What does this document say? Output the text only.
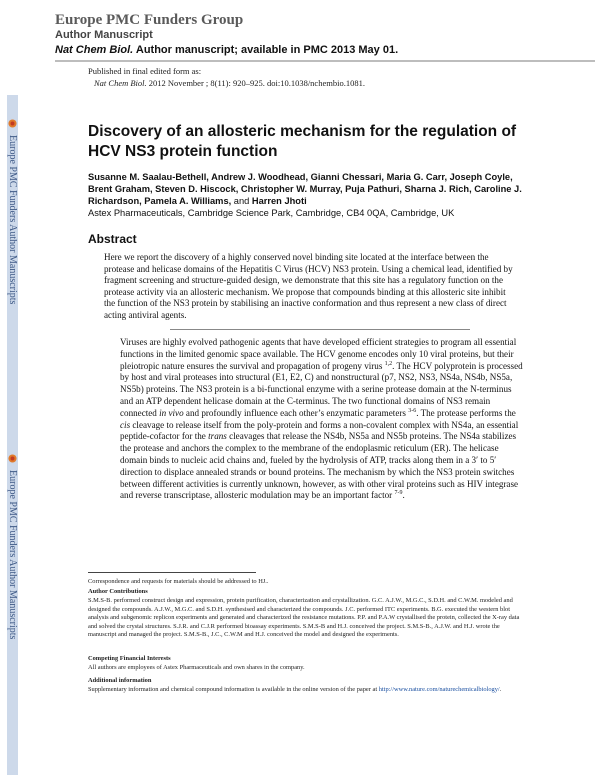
Europe PMC Funders Group
Author Manuscript
Nat Chem Biol. Author manuscript; available in PMC 2013 May 01.
Published in final edited form as:
Nat Chem Biol. 2012 November ; 8(11): 920–925. doi:10.1038/nchembio.1081.
Europe PMC Funders Author Manuscripts
Europe PMC Funders Author Manuscripts
Discovery of an allosteric mechanism for the regulation of HCV NS3 protein function
Susanne M. Saalau-Bethell, Andrew J. Woodhead, Gianni Chessari, Maria G. Carr, Joseph Coyle, Brent Graham, Steven D. Hiscock, Christopher W. Murray, Puja Pathuri, Sharna J. Rich, Caroline J. Richardson, Pamela A. Williams, and Harren Jhoti
Astex Pharmaceuticals, Cambridge Science Park, Cambridge, CB4 0QA, Cambridge, UK
Abstract
Here we report the discovery of a highly conserved novel binding site located at the interface between the protease and helicase domains of the Hepatitis C Virus (HCV) NS3 protein. Using a chemical lead, identified by fragment screening and structure-guided design, we demonstrate that this site has a regulatory function on the protease activity via an allosteric mechanism. We propose that compounds binding at this allosteric site inhibit the function of the NS3 protein by stabilising an inactive conformation and thus represent a new class of direct acting antiviral agents.
Viruses are highly evolved pathogenic agents that have developed efficient strategies to program all essential functions in the limited genomic space available. The HCV genome encodes only 10 viral proteins, but their pleiotropic nature ensures the survival and propagation of progeny virus $^{1,2}$. The HCV polyprotein is processed by host and viral proteases into structural (E1, E2, C) and nonstructural (p7, NS2, NS3, NS4a, NS4b, NS5a, NS5b) proteins. The NS3 protein is a bi-functional enzyme with a serine protease domain at the N-terminus and an ATP dependent helicase domain at the C-terminus. The two functional domains of NS3 remain connected in vivo and profoundly influence each other’s enzymatic parameters $^{3-6}$. The protease performs the cis cleavage to release itself from the poly-protein and forms a non-covalent complex with NS4a, an essential peptide-cofactor for the trans cleavages that release the NS4b, NS5a and NS5b proteins. The NS4a stabilizes the protease and anchors the complex to the membrane of the endoplasmic reticulum (ER). The helicase domain binds to nucleic acid chains and, fueled by the hydrolysis of ATP, tracks along them in a 3′ to 5′ direction to displace annealed strands or bound proteins. The mechanism by which the NS3 protein switches between different activities is currently unknown, however, as with other viral proteins such as HIV integrase and reverse transcriptase, allosteric modulation may be an important factor $^{7-9}$.
Correspondence and requests for materials should be addressed to HJ..
Author Contributions
S.M.S-B. performed construct design and expression, protein purification, characterization and crystallization. G.C. A.J.W., M.G.C., S.D.H. and C.W.M. modeled and designed the compounds. A.J.W., M.G.C. and S.D.H. synthesised and characterized the compounds. J.C. performed ITC experiments. B.G. executed the western blot analysis and subgenomic replicon experiments and generated and characterized the resistance mutations. P.P. and P.A.W crystallised the protein, collected the X-ray data and solved the crystal structures. S.J.R. and C.J.R performed bioassay experiments. S.M.S-B and H.J. conceived the project. S.M.S-B., A.J.W. and H.J. wrote the manuscript and managed the project. S.M.S-B., J.C., C.W.M and H.J. conceived the model and designed the experiments.
Competing Financial Interests
All authors are employees of Astex Pharmaceuticals and own shares in the company.
Additional information
Supplementary information and chemical compound information is available in the online version of the paper at http://www.nature.com/naturechemicalbiology/.
